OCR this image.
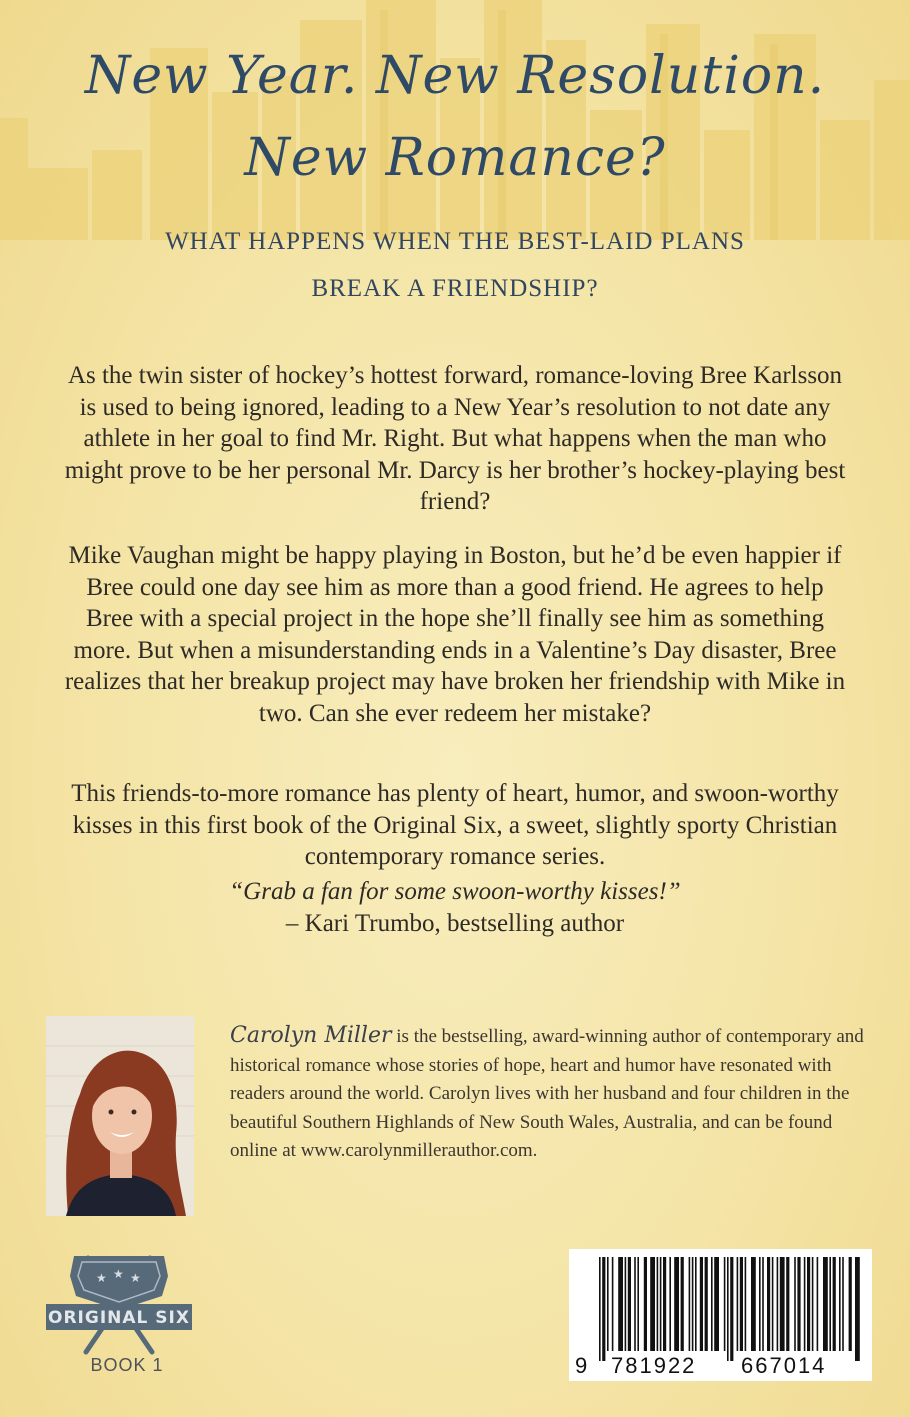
New Year. New Resolution.
New Romance?
WHAT HAPPENS WHEN THE BEST-LAID PLANS
BREAK A FRIENDSHIP?
As the twin sister of hockey’s hottest forward, romance-loving Bree Karlsson is used to being ignored, leading to a New Year’s resolution to not date any athlete in her goal to find Mr. Right. But what happens when the man who might prove to be her personal Mr. Darcy is her brother’s hockey-playing best friend?
Mike Vaughan might be happy playing in Boston, but he’d be even happier if Bree could one day see him as more than a good friend. He agrees to help Bree with a special project in the hope she’ll finally see him as something more. But when a misunderstanding ends in a Valentine’s Day disaster, Bree realizes that her breakup project may have broken her friendship with Mike in two. Can she ever redeem her mistake?
This friends-to-more romance has plenty of heart, humor, and swoon-worthy kisses in this first book of the Original Six, a sweet, slightly sporty Christian contemporary romance series.
“Grab a fan for some swoon-worthy kisses!”
– Kari Trumbo, bestselling author
Carolyn Miller is the bestselling, award-winning author of contemporary and historical romance whose stories of hope, heart and humor have resonated with readers around the world. Carolyn lives with her husband and four children in the beautiful Southern Highlands of New South Wales, Australia, and can be found online at www.carolynmillerauthor.com.
★ ★ ★
ORIGINAL SIX
BOOK 1	9 781922 667014
